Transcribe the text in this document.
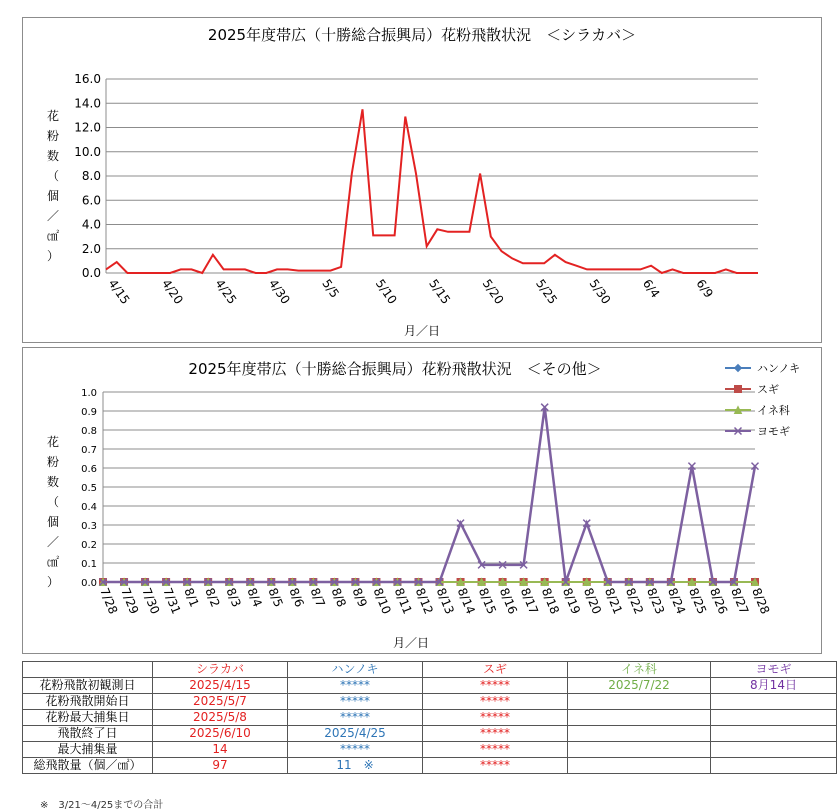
2025年度帯広（十勝総合振興局）花粉飛散状況　＜シラカバ＞
花
粉
数
（
個
／
㎠
）
0.0
2.0
4.0
6.0
8.0
10.0
12.0
14.0
16.0
4/15 4/20 4/25 4/30 5/5	5/10 5/15 5/20 5/25 5/30 6/4	6/9
月／日
2025年度帯広（十勝総合振興局）花粉飛散状況　＜その他＞
花
粉
数
（
個
／
㎠
） 0.0
0.1
0.2
0.3
0.4
0.5
0.6
0.7
0.8
0.9
1.0
7/28
7/29
7/30
7/31
8/1 8/2 8/3 8/4 8/5 8/6 8/7 8/8 8/9 8/10
8/11
8/12
8/13
8/14
8/15
8/16
8/17
8/18
8/19
8/20
8/21
8/22
8/23
8/24
8/25
8/26
8/27
8/28
ハンノキ
スギ
イネ科
ヨモギ
月／日
	シラカバ	ハンノキ	スギ	イネ科	ヨモギ
花粉飛散初観測日	2025/4/15	*****	*****	2025/7/22	8月14日
花粉飛散開始日	2025/5/7	*****	*****		
花粉最大捕集日	2025/5/8	*****	*****		
飛散終了日	2025/6/10	2025/4/25	*****		
最大捕集量	14	*****	*****		
総飛散量（個／㎠）	97	11　※	*****		
※　3/21～4/25までの合計
